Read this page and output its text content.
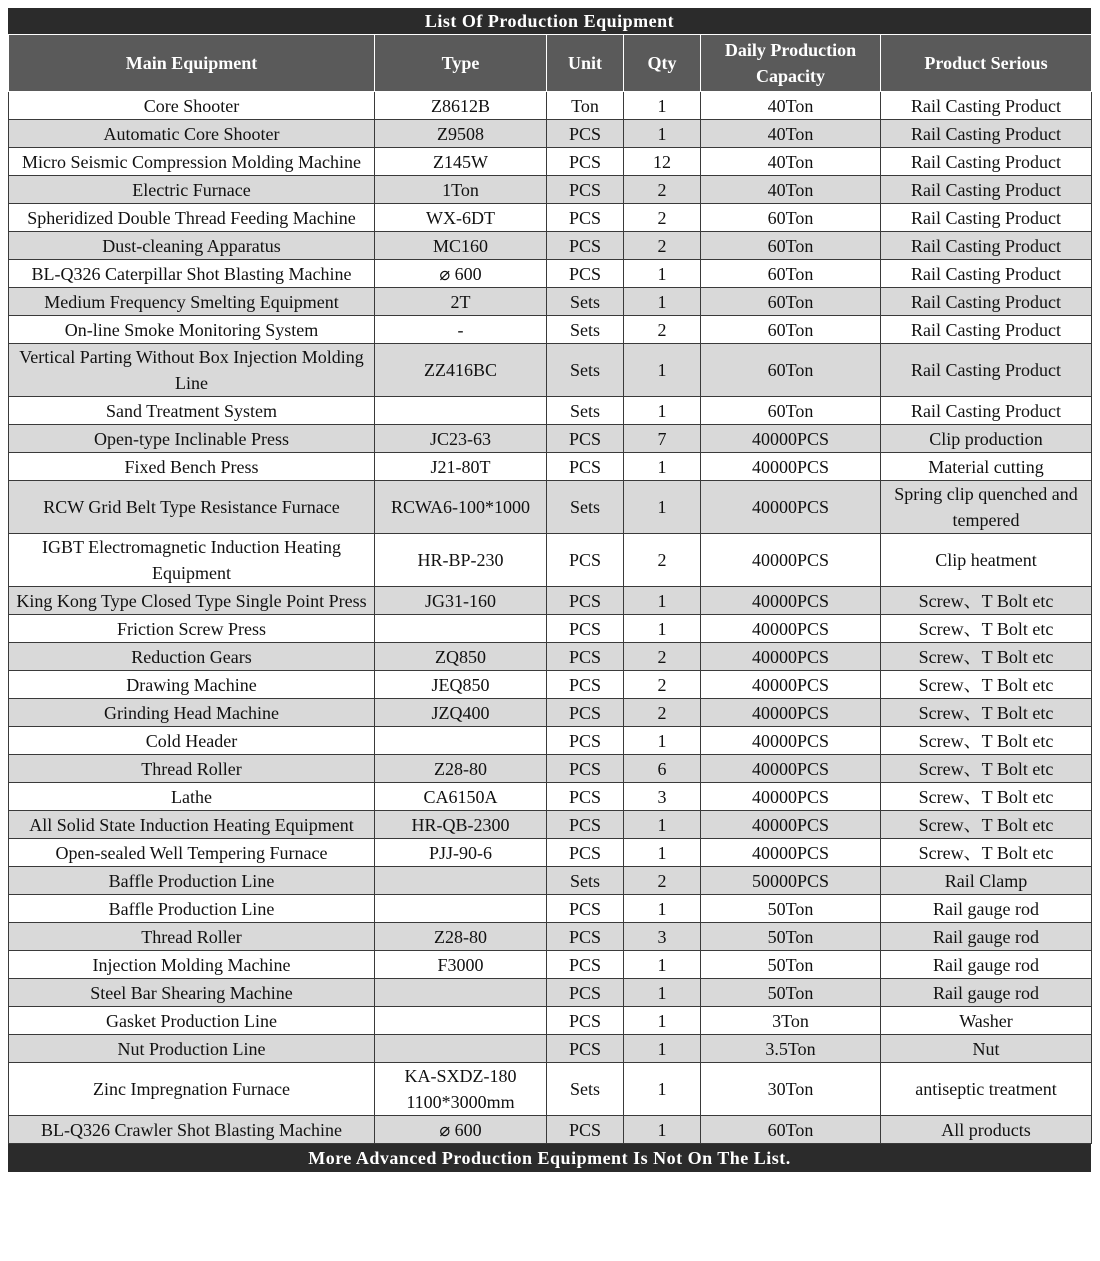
List Of Production Equipment
Main Equipment	Type	Unit	Qty	Daily Production Capacity	Product Serious
Core Shooter	Z8612B	Ton	1	40Ton	Rail Casting Product
Automatic Core Shooter	Z9508	PCS	1	40Ton	Rail Casting Product
Micro Seismic Compression Molding Machine	Z145W	PCS	12	40Ton	Rail Casting Product
Electric Furnace	1Ton	PCS	2	40Ton	Rail Casting Product
Spheridized Double Thread Feeding Machine	WX-6DT	PCS	2	60Ton	Rail Casting Product
Dust-cleaning Apparatus	MC160	PCS	2	60Ton	Rail Casting Product
BL-Q326 Caterpillar Shot Blasting Machine	⌀ 600	PCS	1	60Ton	Rail Casting Product
Medium Frequency Smelting Equipment	2T	Sets	1	60Ton	Rail Casting Product
On-line Smoke Monitoring System	-	Sets	2	60Ton	Rail Casting Product
Vertical Parting Without Box Injection Molding Line	ZZ416BC	Sets	1	60Ton	Rail Casting Product
Sand Treatment System		Sets	1	60Ton	Rail Casting Product
Open-type Inclinable Press	JC23-63	PCS	7	40000PCS	Clip production
Fixed Bench Press	J21-80T	PCS	1	40000PCS	Material cutting
RCW Grid Belt Type Resistance Furnace	RCWA6-100*1000	Sets	1	40000PCS	Spring clip quenched and tempered
IGBT Electromagnetic Induction Heating Equipment	HR-BP-230	PCS	2	40000PCS	Clip heatment
King Kong Type Closed Type Single Point Press	JG31-160	PCS	1	40000PCS	Screw、T Bolt etc
Friction Screw Press		PCS	1	40000PCS	Screw、T Bolt etc
Reduction Gears	ZQ850	PCS	2	40000PCS	Screw、T Bolt etc
Drawing Machine	JEQ850	PCS	2	40000PCS	Screw、T Bolt etc
Grinding Head Machine	JZQ400	PCS	2	40000PCS	Screw、T Bolt etc
Cold Header		PCS	1	40000PCS	Screw、T Bolt etc
Thread Roller	Z28-80	PCS	6	40000PCS	Screw、T Bolt etc
Lathe	CA6150A	PCS	3	40000PCS	Screw、T Bolt etc
All Solid State Induction Heating Equipment	HR-QB-2300	PCS	1	40000PCS	Screw、T Bolt etc
Open-sealed Well Tempering Furnace	PJJ-90-6	PCS	1	40000PCS	Screw、T Bolt etc
Baffle Production Line		Sets	2	50000PCS	Rail Clamp
Baffle Production Line		PCS	1	50Ton	Rail gauge rod
Thread Roller	Z28-80	PCS	3	50Ton	Rail gauge rod
Injection Molding Machine	F3000	PCS	1	50Ton	Rail gauge rod
Steel Bar Shearing Machine		PCS	1	50Ton	Rail gauge rod
Gasket Production Line		PCS	1	3Ton	Washer
Nut Production Line		PCS	1	3.5Ton	Nut
Zinc Impregnation Furnace	KA-SXDZ-180 1100*3000mm	Sets	1	30Ton	antiseptic treatment
BL-Q326 Crawler Shot Blasting Machine	⌀ 600	PCS	1	60Ton	All products
More Advanced Production Equipment Is Not On The List.
